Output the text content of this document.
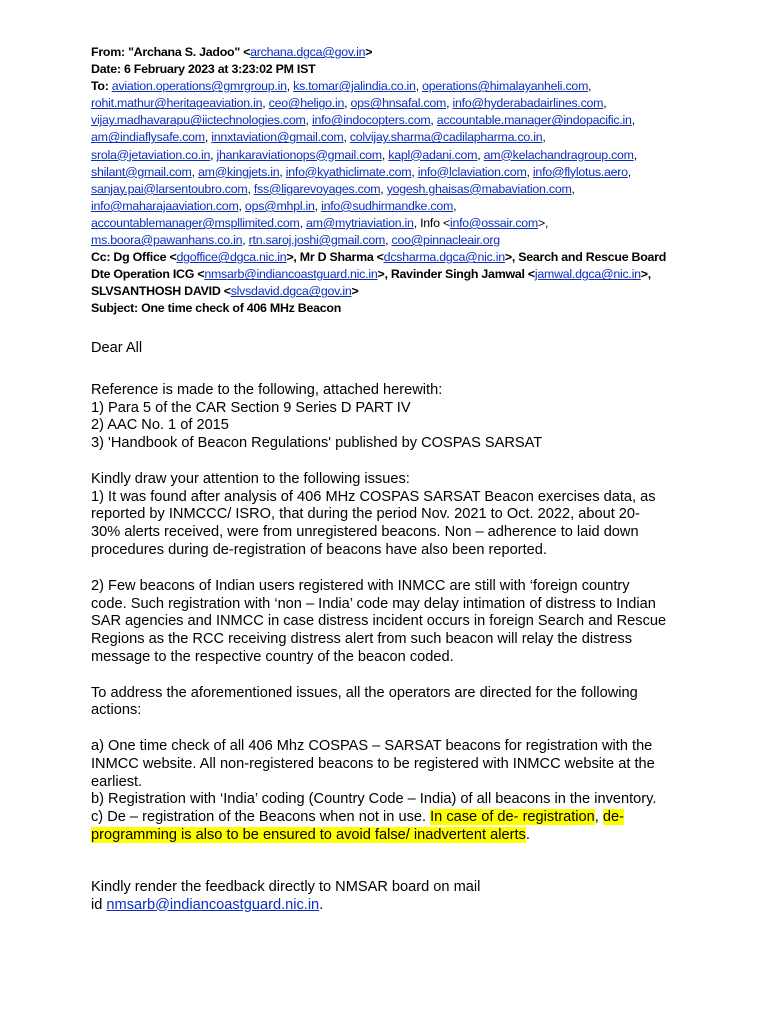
From: "Archana S. Jadoo" <archana.dgca@gov.in>
Date: 6 February 2023 at 3:23:02 PM IST
To: aviation.operations@gmrgroup.in, ks.tomar@jalindia.co.in, operations@himalayanheli.com,
rohit.mathur@heritageaviation.in, ceo@heligo.in, ops@hnsafal.com, info@hyderabadairlines.com,
vijay.madhavarapu@iictechnologies.com, info@indocopters.com, accountable.manager@indopacific.in,
am@indiaflysafe.com, innxtaviation@gmail.com, colvijay.sharma@cadilapharma.co.in,
srola@jetaviation.co.in, jhankaraviationops@gmail.com, kapl@adani.com, am@kelachandragroup.com,
shilant@gmail.com, am@kingjets.in, info@kyathiclimate.com, info@lclaviation.com, info@flylotus.aero,
sanjay.pai@larsentoubro.com, fss@ligarevoyages.com, yogesh.ghaisas@mabaviation.com,
info@maharajaaviation.com, ops@mhpl.in, info@sudhirmandke.com,
accountablemanager@mspllimited.com, am@mytriaviation.in, Info <info@ossair.com>,
ms.boora@pawanhans.co.in, rtn.saroj.joshi@gmail.com, coo@pinnacleair.org
Cc: Dg Office <dgoffice@dgca.nic.in>, Mr D Sharma <dcsharma.dgca@nic.in>, Search and Rescue Board
Dte Operation ICG <nmsarb@indiancoastguard.nic.in>, Ravinder Singh Jamwal <jamwal.dgca@nic.in>,
SLVSANTHOSH DAVID <slvsdavid.dgca@gov.in>
Subject: One time check of 406 MHz Beacon

Dear All

Reference is made to the following, attached herewith:

1) Para 5 of the CAR Section 9 Series D PART IV

2) AAC No. 1 of 2015

3) 'Handbook of Beacon Regulations' published by COSPAS SARSAT

Kindly draw your attention to the following issues:

1) It was found after analysis of 406 MHz COSPAS SARSAT Beacon exercises data, as

reported by INMCCC/ ISRO, that during the period Nov. 2021 to Oct. 2022, about 20-

30% alerts received, were from unregistered beacons. Non – adherence to laid down

procedures during de-registration of beacons have also been reported.

2) Few beacons of Indian users registered with INMCC are still with ‘foreign country

code. Such registration with ‘non – India’ code may delay intimation of distress to Indian

SAR agencies and INMCC in case distress incident occurs in foreign Search and Rescue

Regions as the RCC receiving distress alert from such beacon will relay the distress

message to the respective country of the beacon coded.

To address the aforementioned issues, all the operators are directed for the following

actions:

a) One time check of all 406 Mhz COSPAS – SARSAT beacons for registration with the

INMCC website. All non-registered beacons to be registered with INMCC website at the

earliest.

b) Registration with ‘India’ coding (Country Code – India) of all beacons in the inventory.

c) De – registration of the Beacons when not in use. In case of de- registration, de-

programming is also to be ensured to avoid false/ inadvertent alerts.

Kindly render the feedback directly to NMSAR board on mail

id nmsarb@indiancoastguard.nic.in.
